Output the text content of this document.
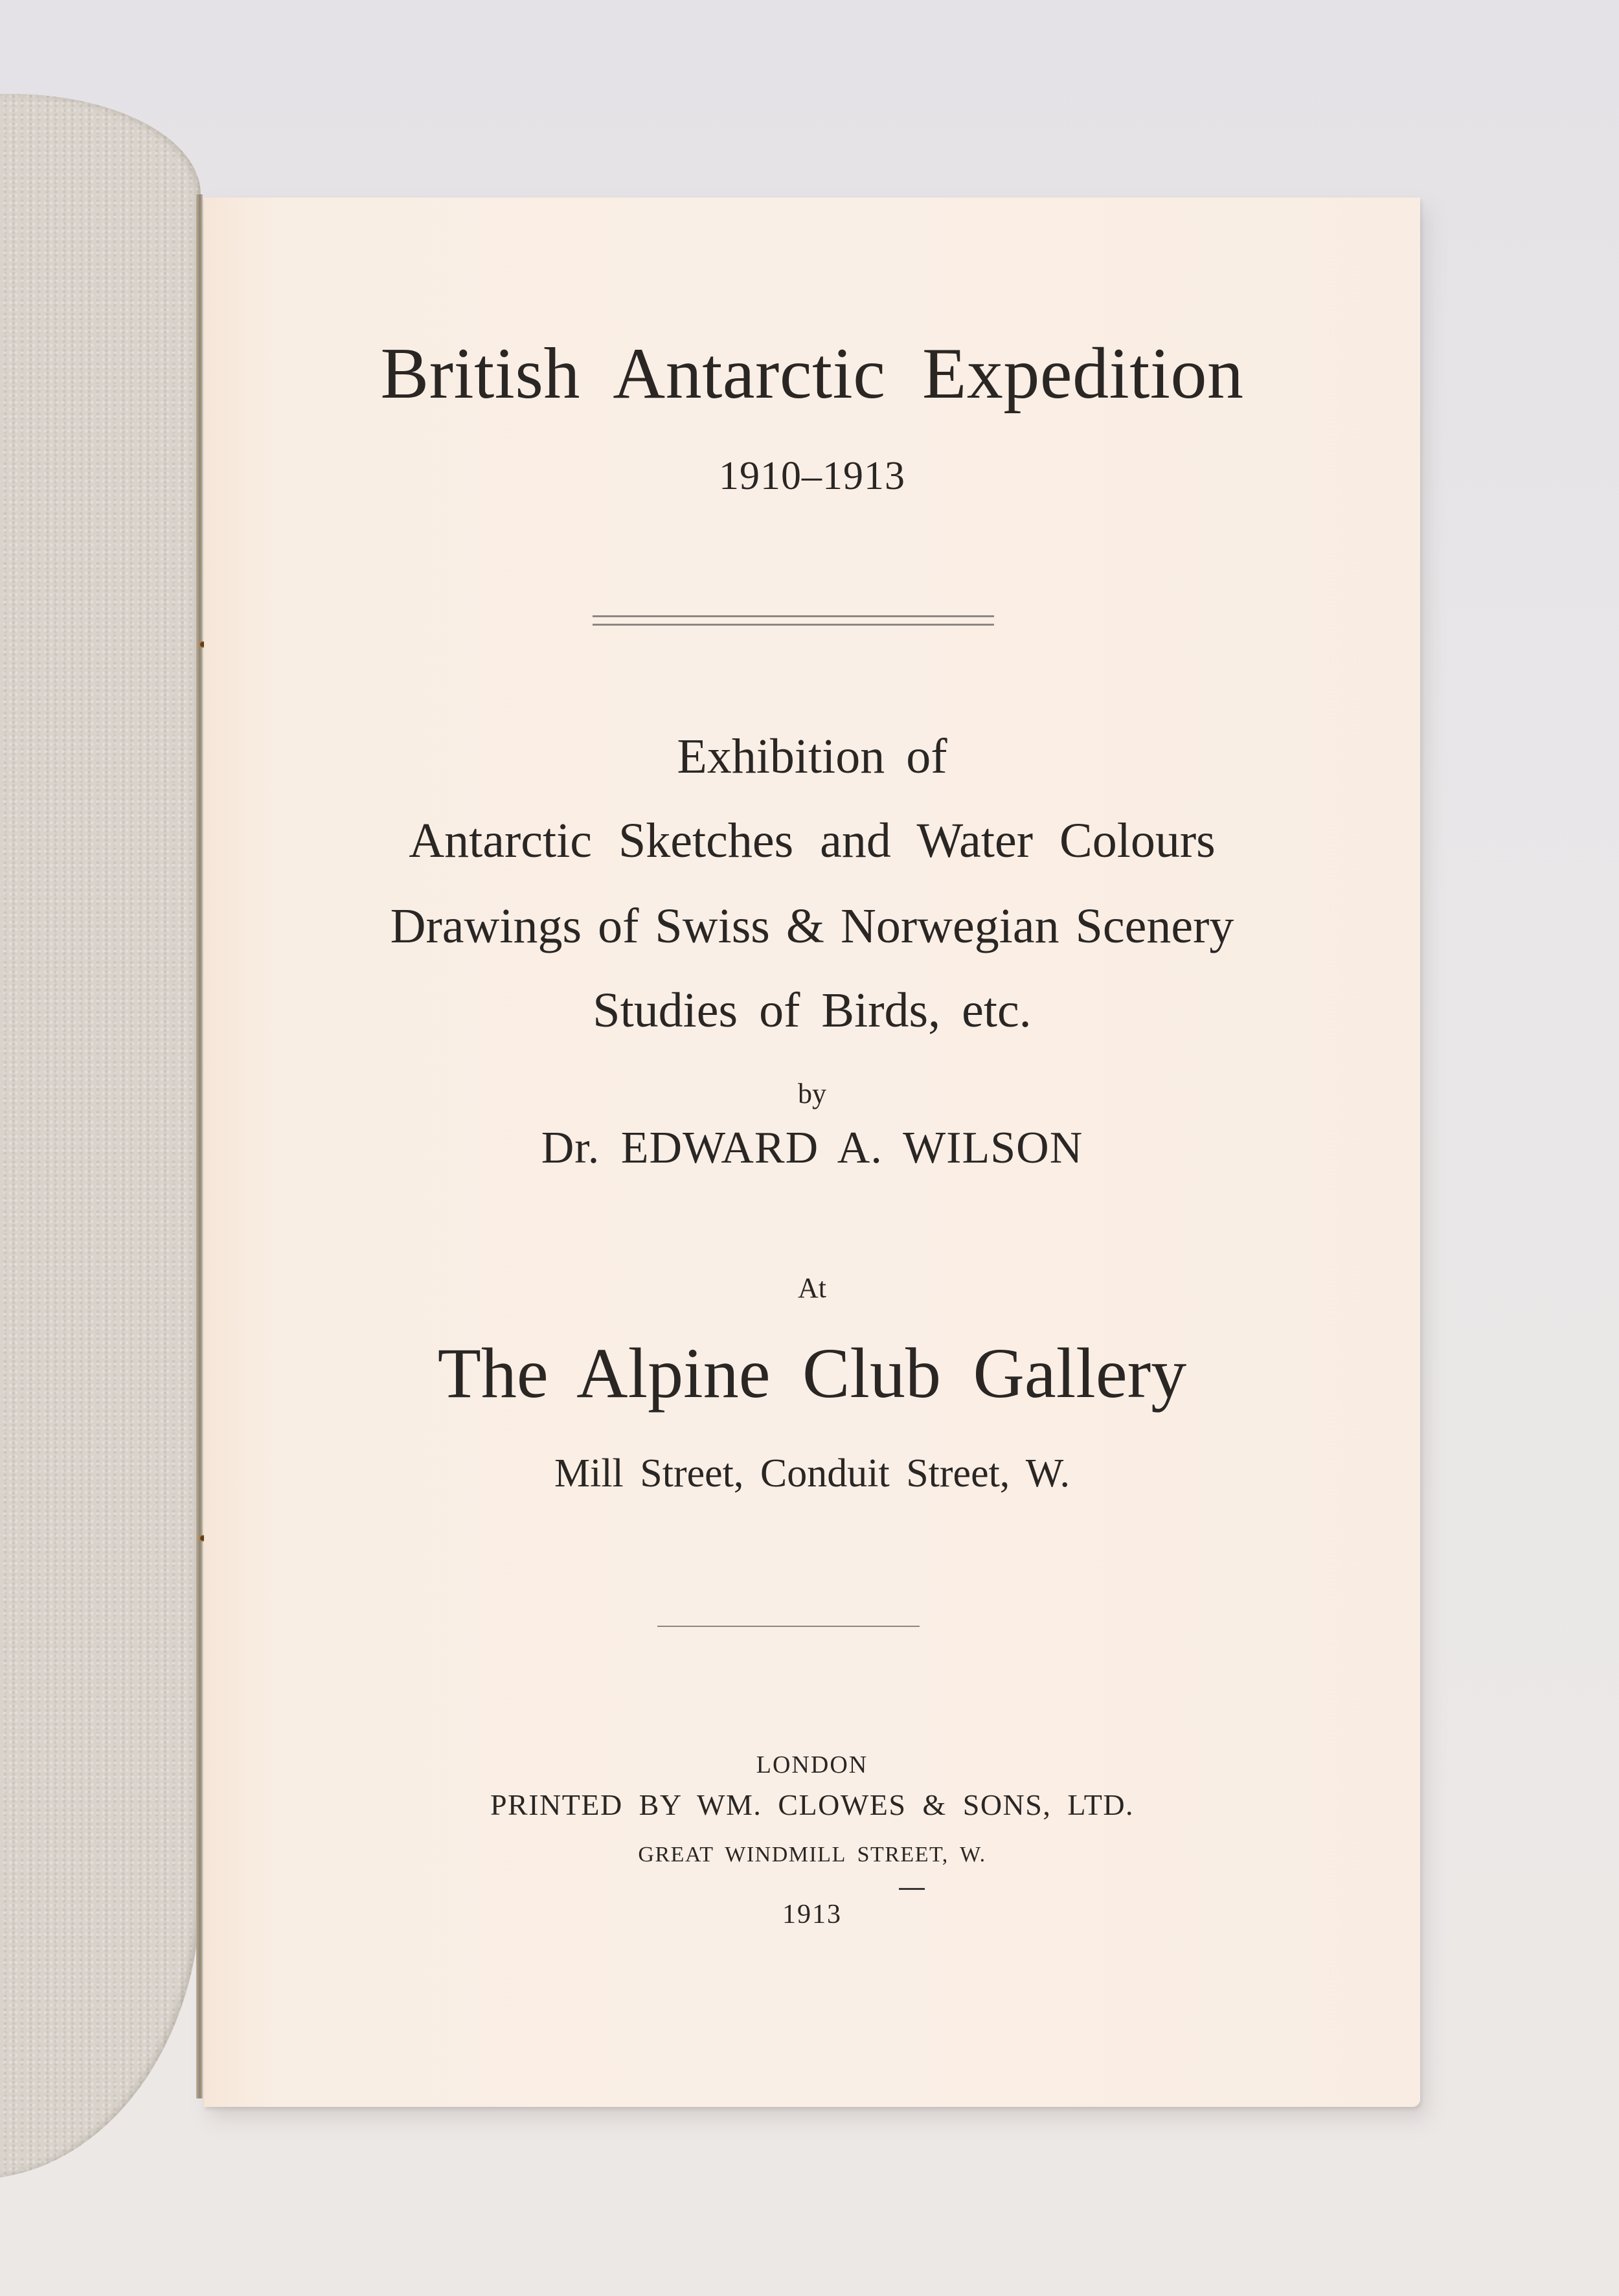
British Antarctic Expedition
1910–1913
Exhibition of
Antarctic Sketches and Water Colours
Drawings of Swiss & Norwegian Scenery
Studies of Birds, etc.
by
Dr. EDWARD A. WILSON
At
The Alpine Club Gallery
Mill Street, Conduit Street, W.
LONDON
PRINTED BY WM. CLOWES & SONS, LTD.
GREAT WINDMILL STREET, W.
1913
